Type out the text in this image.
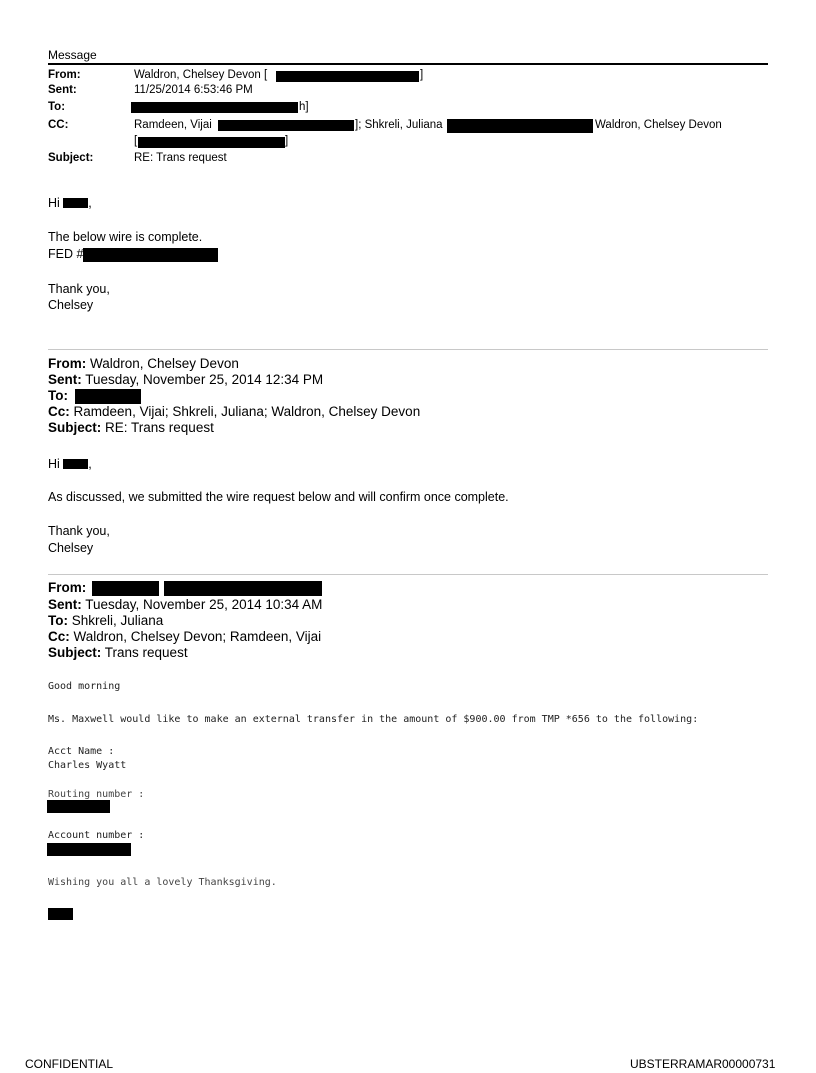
Message
From:	Waldron, Chelsey Devon [	]
Sent:	11/25/2014 6:53:46 PM
To:	h]
CC:	Ramdeen, Vijai	]; Shkreli, Juliana	Waldron, Chelsey Devon
[	]
Subject:	RE: Trans request
Hi ,
The below wire is complete.
FED #
Thank you,
Chelsey
From: Waldron, Chelsey Devon
Sent: Tuesday, November 25, 2014 12:34 PM
To:
Cc: Ramdeen, Vijai; Shkreli, Juliana; Waldron, Chelsey Devon
Subject: RE: Trans request
Hi ,
As discussed, we submitted the wire request below and will confirm once complete.
Thank you,
Chelsey
From:
Sent: Tuesday, November 25, 2014 10:34 AM
To: Shkreli, Juliana
Cc: Waldron, Chelsey Devon; Ramdeen, Vijai
Subject: Trans request
Good morning
Ms. Maxwell would like to make an external transfer in the amount of $900.00 from TMP *656 to the following:
Acct Name :
Charles Wyatt
Routing number :
Account number :
Wishing you all a lovely Thanksgiving.
CONFIDENTIAL	UBSTERRAMAR00000731
